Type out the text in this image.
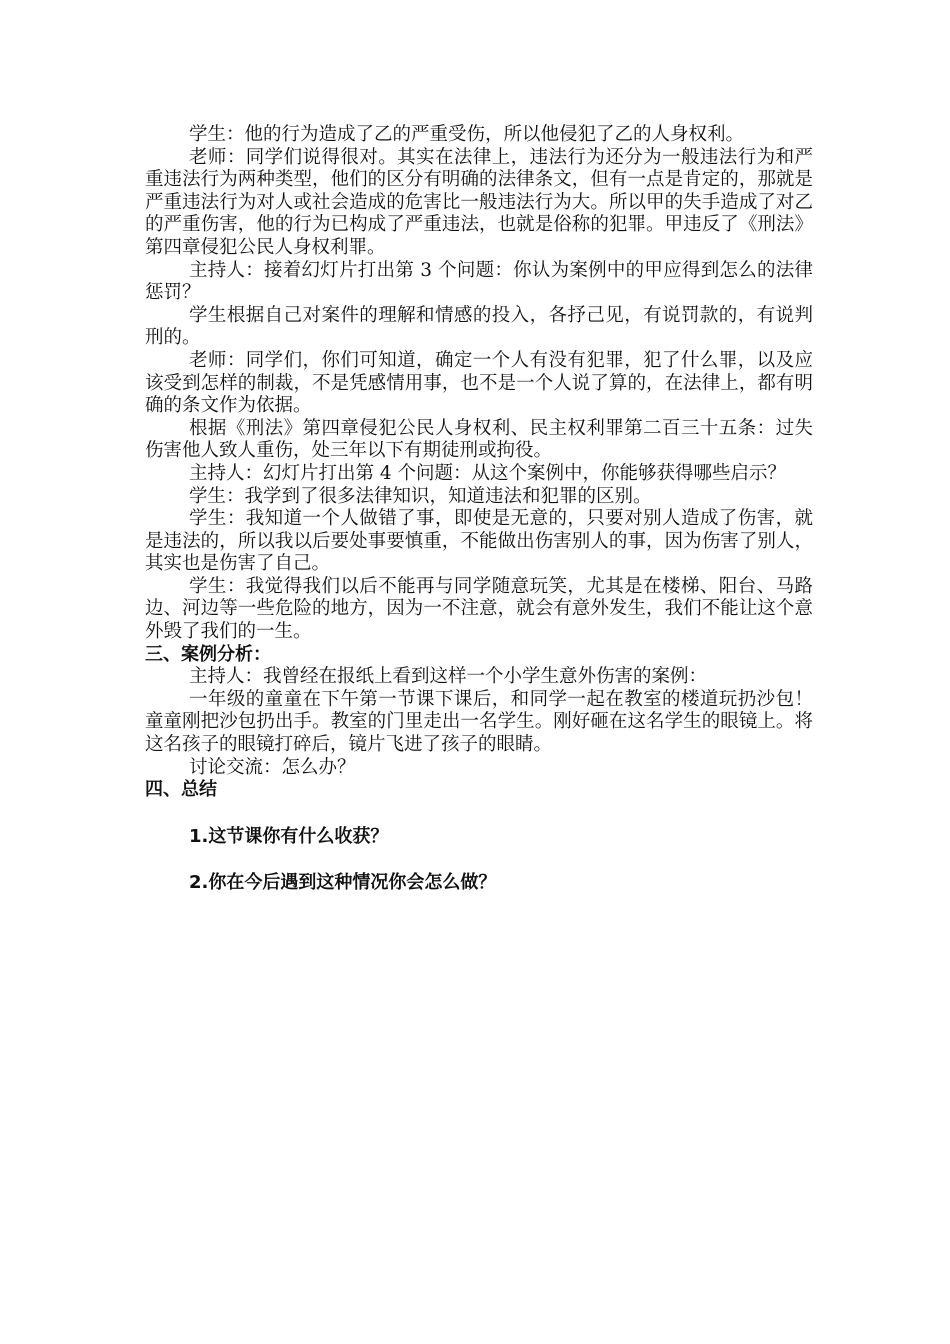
学生：他的行为造成了乙的严重受伤，所以他侵犯了乙的人身权利。

老师：同学们说得很对。其实在法律上，违法行为还分为一般违法行为和严重违法行为两种类型，他们的区分有明确的法律条文，但有一点是肯定的，那就是严重违法行为对人或社会造成的危害比一般违法行为大。所以甲的失手造成了对乙的严重伤害，他的行为已构成了严重违法，也就是俗称的犯罪。甲违反了《刑法》第四章侵犯公民人身权利罪。

主持人：接着幻灯片打出第 3 个问题：你认为案例中的甲应得到怎么的法律惩罚？

学生根据自己对案件的理解和情感的投入，各抒己见，有说罚款的，有说判刑的。

老师：同学们，你们可知道，确定一个人有没有犯罪，犯了什么罪，以及应该受到怎样的制裁，不是凭感情用事，也不是一个人说了算的，在法律上，都有明确的条文作为依据。

根据《刑法》第四章侵犯公民人身权利、民主权利罪第二百三十五条：过失伤害他人致人重伤，处三年以下有期徒刑或拘役。

主持人：幻灯片打出第 4 个问题：从这个案例中，你能够获得哪些启示？

学生：我学到了很多法律知识，知道违法和犯罪的区别。

学生：我知道一个人做错了事，即使是无意的，只要对别人造成了伤害，就是违法的，所以我以后要处事要慎重，不能做出伤害别人的事，因为伤害了别人，其实也是伤害了自己。

学生：我觉得我们以后不能再与同学随意玩笑，尤其是在楼梯、阳台、马路边、河边等一些危险的地方，因为一不注意，就会有意外发生，我们不能让这个意外毁了我们的一生。

三、案例分析：

主持人：我曾经在报纸上看到这样一个小学生意外伤害的案例：

一年级的童童在下午第一节课下课后，和同学一起在教室的楼道玩扔沙包！童童刚把沙包扔出手。教室的门里走出一名学生。刚好砸在这名学生的眼镜上。将这名孩子的眼镜打碎后，镜片飞进了孩子的眼睛。

讨论交流：怎么办？

四、总结

1.这节课你有什么收获？

2.你在今后遇到这种情况你会怎么做？
